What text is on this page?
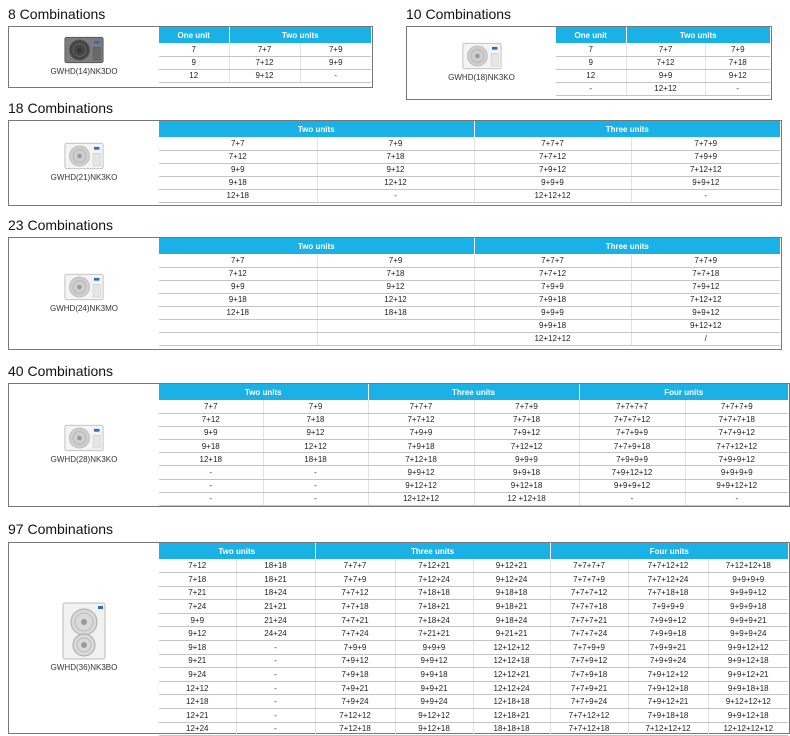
8 Combinations
GWHD(14)NK3DO
One unit	Two units	
7	7+7	7+9
9	7+12	9+9
12	9+12	-
10 Combinations
GWHD(18)NK3KO
One unit	Two units	
7	7+7	7+9
9	7+12	7+18
12	9+9	9+12
-	12+12	-
18 Combinations
GWHD(21)NK3KO
Two units		Three units	
7+7	7+9	7+7+7	7+7+9
7+12	7+18	7+7+12	7+9+9
9+9	9+12	7+9+12	7+12+12
9+18	12+12	9+9+9	9+9+12
12+18	-	12+12+12	-
23 Combinations
GWHD(24)NK3MO
Two units		Three units	
7+7	7+9	7+7+7	7+7+9
7+12	7+18	7+7+12	7+7+18
9+9	9+12	7+9+9	7+9+12
9+18	12+12	7+9+18	7+12+12
12+18	18+18	9+9+9	9+9+12
		9+9+18	9+12+12
		12+12+12	/
40 Combinations
GWHD(28)NK3KO
Two units		Three units		Four units	
7+7	7+9	7+7+7	7+7+9	7+7+7+7	7+7+7+9
7+12	7+18	7+7+12	7+7+18	7+7+7+12	7+7+7+18
9+9	9+12	7+9+9	7+9+12	7+7+9+9	7+7+9+12
9+18	12+12	7+9+18	7+12+12	7+7+9+18	7+7+12+12
12+18	18+18	7+12+18	9+9+9	7+9+9+9	7+9+9+12
-	-	9+9+12	9+9+18	7+9+12+12	9+9+9+9
-	-	9+12+12	9+12+18	9+9+9+12	9+9+12+12
-	-	12+12+12	12 +12+18	-	-
97 Combinations
GWHD(36)NK3BO
Two units		Three units			Four units		
7+12	18+18	7+7+7	7+12+21	9+12+21	7+7+7+7	7+7+12+12	7+12+12+18
7+18	18+21	7+7+9	7+12+24	9+12+24	7+7+7+9	7+7+12+24	9+9+9+9
7+21	18+24	7+7+12	7+18+18	9+18+18	7+7+7+12	7+7+18+18	9+9+9+12
7+24	21+21	7+7+18	7+18+21	9+18+21	7+7+7+18	7+9+9+9	9+9+9+18
9+9	21+24	7+7+21	7+18+24	9+18+24	7+7+7+21	7+9+9+12	9+9+9+21
9+12	24+24	7+7+24	7+21+21	9+21+21	7+7+7+24	7+9+9+18	9+9+9+24
9+18	-	7+9+9	9+9+9	12+12+12	7+7+9+9	7+9+9+21	9+9+12+12
9+21	-	7+9+12	9+9+12	12+12+18	7+7+9+12	7+9+9+24	9+9+12+18
9+24	-	7+9+18	9+9+18	12+12+21	7+7+9+18	7+9+12+12	9+9+12+21
12+12	-	7+9+21	9+9+21	12+12+24	7+7+9+21	7+9+12+18	9+9+18+18
12+18	-	7+9+24	9+9+24	12+18+18	7+7+9+24	7+9+12+21	9+12+12+12
12+21	-	7+12+12	9+12+12	12+18+21	7+7+12+12	7+9+18+18	9+9+12+18
12+24	-	7+12+18	9+12+18	18+18+18	7+7+12+18	7+12+12+12	12+12+12+12
